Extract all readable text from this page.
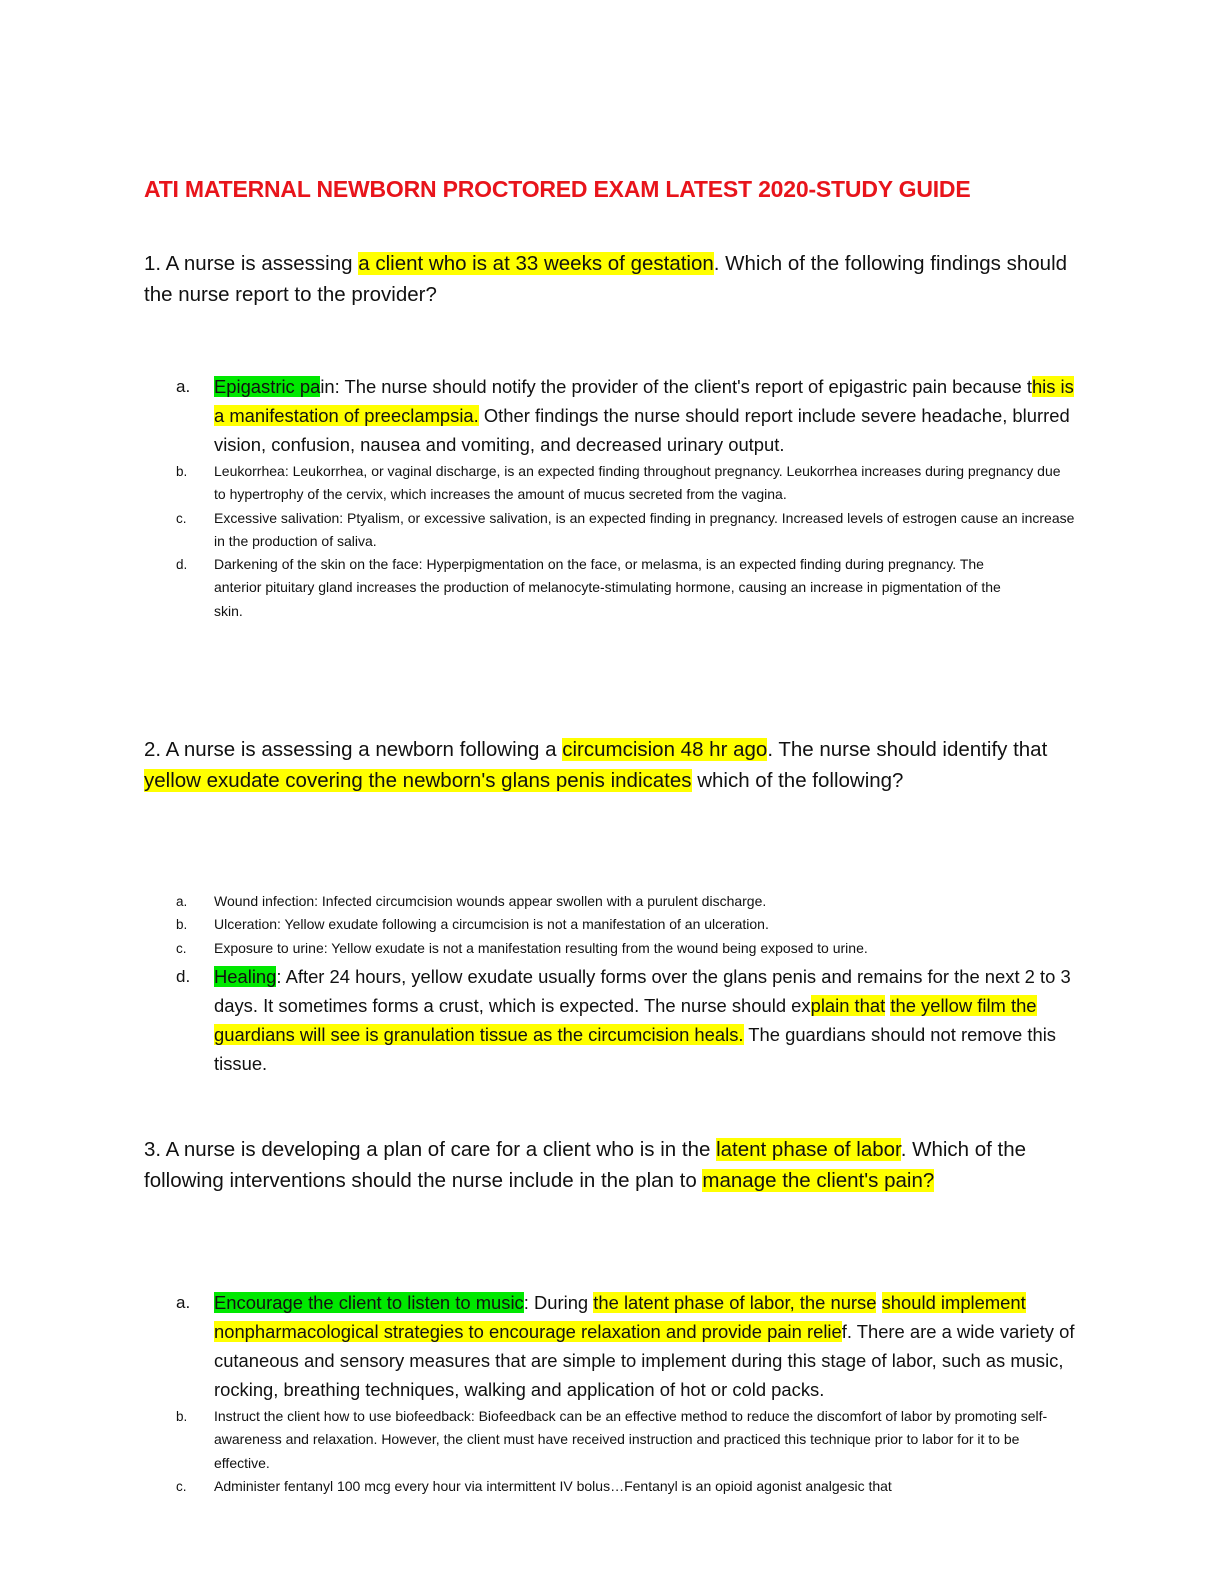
ATI MATERNAL NEWBORN PROCTORED EXAM LATEST 2020-STUDY GUIDE
1. A nurse is assessing a client who is at 33 weeks of gestation. Which of the following findings should the nurse report to the provider?
a. Epigastric pain: The nurse should notify the provider of the client's report of epigastric pain because this is a manifestation of preeclampsia. Other findings the nurse should report include severe headache, blurred vision, confusion, nausea and vomiting, and decreased urinary output.
b. Leukorrhea: Leukorrhea, or vaginal discharge, is an expected finding throughout pregnancy. Leukorrhea increases during pregnancy due to hypertrophy of the cervix, which increases the amount of mucus secreted from the vagina.
c. Excessive salivation: Ptyalism, or excessive salivation, is an expected finding in pregnancy. Increased levels of estrogen cause an increase in the production of saliva.
d. Darkening of the skin on the face: Hyperpigmentation on the face, or melasma, is an expected finding during pregnancy. The anterior pituitary gland increases the production of melanocyte-stimulating hormone, causing an increase in pigmentation of the skin.
2. A nurse is assessing a newborn following a circumcision 48 hr ago. The nurse should identify that yellow exudate covering the newborn's glans penis indicates which of the following?
a. Wound infection: Infected circumcision wounds appear swollen with a purulent discharge.
b. Ulceration: Yellow exudate following a circumcision is not a manifestation of an ulceration.
c. Exposure to urine: Yellow exudate is not a manifestation resulting from the wound being exposed to urine.
d. Healing: After 24 hours, yellow exudate usually forms over the glans penis and remains for the next 2 to 3 days. It sometimes forms a crust, which is expected. The nurse should explain that the yellow film the guardians will see is granulation tissue as the circumcision heals. The guardians should not remove this tissue.
3. A nurse is developing a plan of care for a client who is in the latent phase of labor. Which of the following interventions should the nurse include in the plan to manage the client's pain?
a. Encourage the client to listen to music: During the latent phase of labor, the nurse should implement nonpharmacological strategies to encourage relaxation and provide pain relief. There are a wide variety of cutaneous and sensory measures that are simple to implement during this stage of labor, such as music, rocking, breathing techniques, walking and application of hot or cold packs.
b. Instruct the client how to use biofeedback: Biofeedback can be an effective method to reduce the discomfort of labor by promoting self-awareness and relaxation. However, the client must have received instruction and practiced this technique prior to labor for it to be effective.
c. Administer fentanyl 100 mcg every hour via intermittent IV bolus…Fentanyl is an opioid agonist analgesic that
